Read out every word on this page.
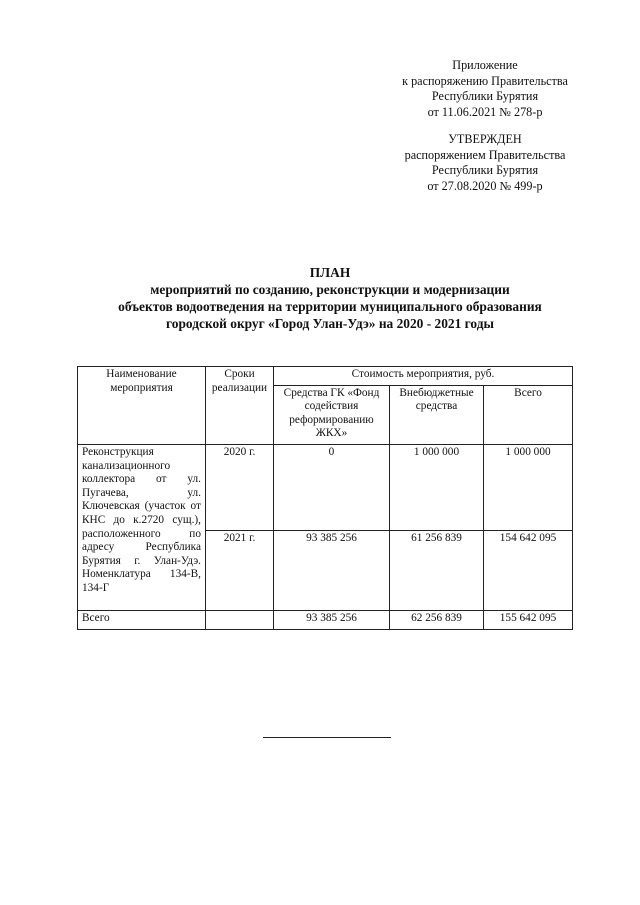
Приложение
к распоряжению Правительства
Республики Бурятия
от 11.06.2021 № 278-р
УТВЕРЖДЕН
распоряжением Правительства
Республики Бурятия
от 27.08.2020 № 499-р
ПЛАН
мероприятий по созданию, реконструкции и модернизации
объектов водоотведения на территории муниципального образования
городской округ «Город Улан-Удэ» на 2020 - 2021 годы
Наименование мероприятия	Сроки реализации	Стоимость мероприятия, руб.		
		Средства ГК «Фонд содействия реформированию ЖКХ»	Внебюджетные средства	Всего
Реконструкция канализационного коллектора от ул. Пугачева, ул. Ключевская (участок от КНС до к.2720 сущ.), расположенного по адресу Республика Бурятия г. Улан-Удэ. Номенклатура 134-В, 134-Г	2020 г.	0	1 000 000	1 000 000
	2021 г.	93 385 256	61 256 839	154 642 095
Всего		93 385 256	62 256 839	155 642 095
